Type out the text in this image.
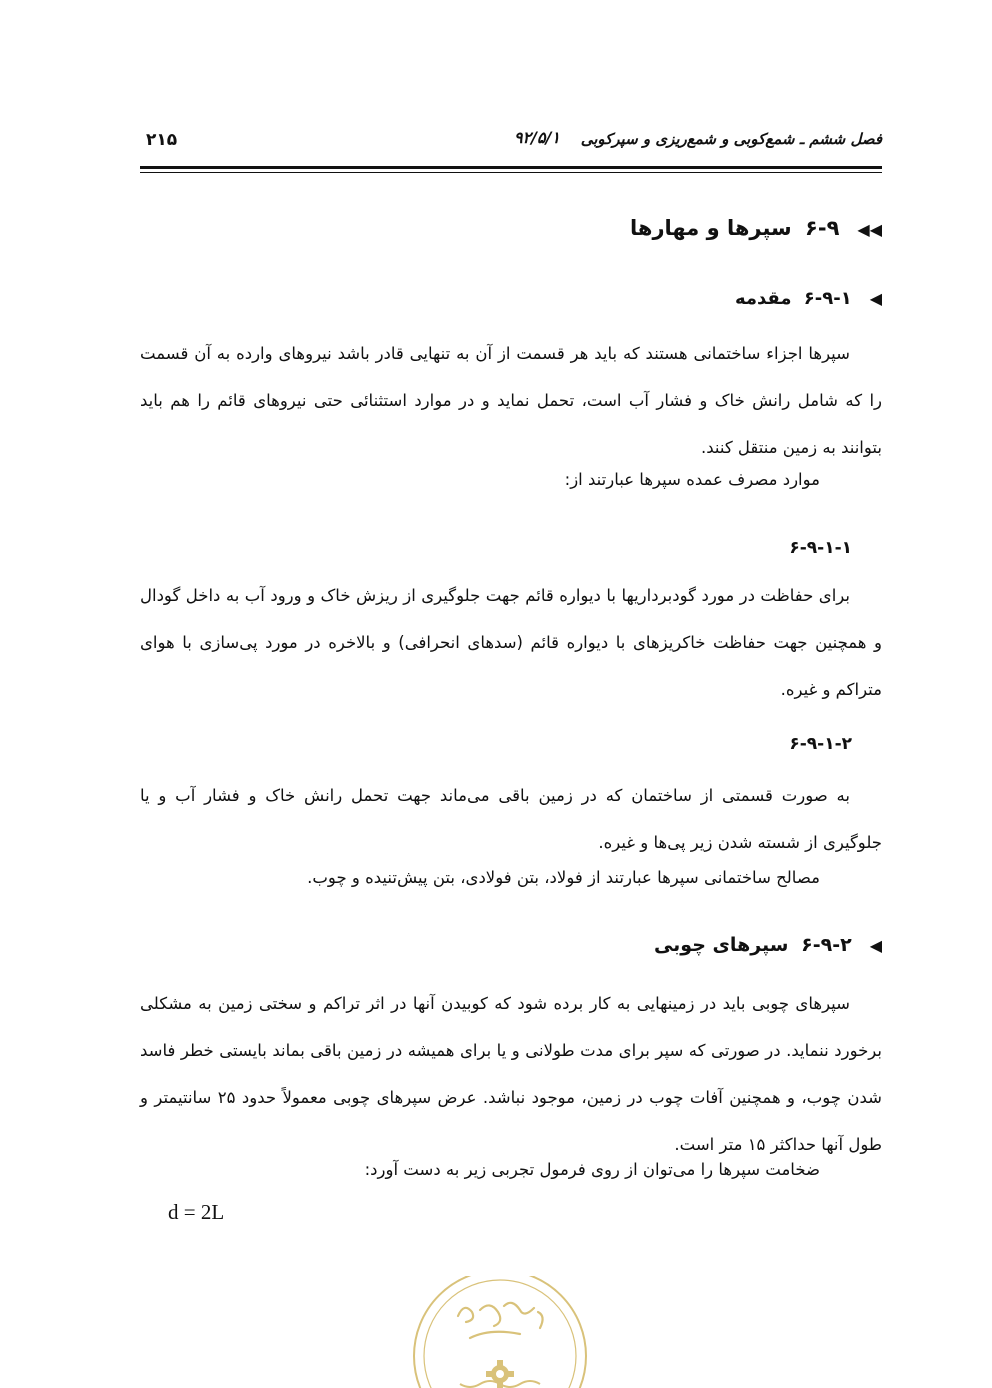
فصل ششم ـ شمع‌کوبی و شمع‌ریزی و سپرکوبی
۹۲/۵/۱
۲۱۵
◀◀۶-۹ سپرها و مهارها
◀۶-۹-۱ مقدمه
سپرها اجزاء ساختمانی هستند که باید هر قسمت از آن به تنهایی قادر باشد نیروهای وارده به آن قسمت را که شامل رانش خاک و فشار آب است، تحمل نماید و در موارد استثنائی حتی نیروهای قائم را هم باید بتوانند به زمین منتقل کنند.
موارد مصرف عمده سپرها عبارتند از:
۶-۹-۱-۱
برای حفاظت در مورد گودبرداریها با دیواره قائم جهت جلوگیری از ریزش خاک و ورود آب به داخل گودال و همچنین جهت حفاظت خاکریزهای با دیواره قائم (سدهای انحرافی) و بالاخره در مورد پی‌سازی با هوای متراکم و غیره.
۶-۹-۱-۲
به صورت قسمتی از ساختمان که در زمین باقی می‌ماند جهت تحمل رانش خاک و فشار آب و یا جلوگیری از شسته شدن زیر پی‌ها و غیره.
مصالح ساختمانی سپرها عبارتند از فولاد، بتن فولادی، بتن پیش‌تنیده و چوب.
◀۶-۹-۲ سپرهای چوبی
سپرهای چوبی باید در زمینهایی به کار برده شود که کوبیدن آنها در اثر تراکم و سختی زمین به مشکلی برخورد ننماید. در صورتی که سپر برای مدت طولانی و یا برای همیشه در زمین باقی بماند بایستی خطر فاسد شدن چوب، و همچنین آفات چوب در زمین، موجود نباشد. عرض سپرهای چوبی معمولاً حدود ۲۵ سانتیمتر و طول آنها حداکثر ۱۵ متر است.
ضخامت سپرها را می‌توان از روی فرمول تجربی زیر به دست آورد:
d = 2L
